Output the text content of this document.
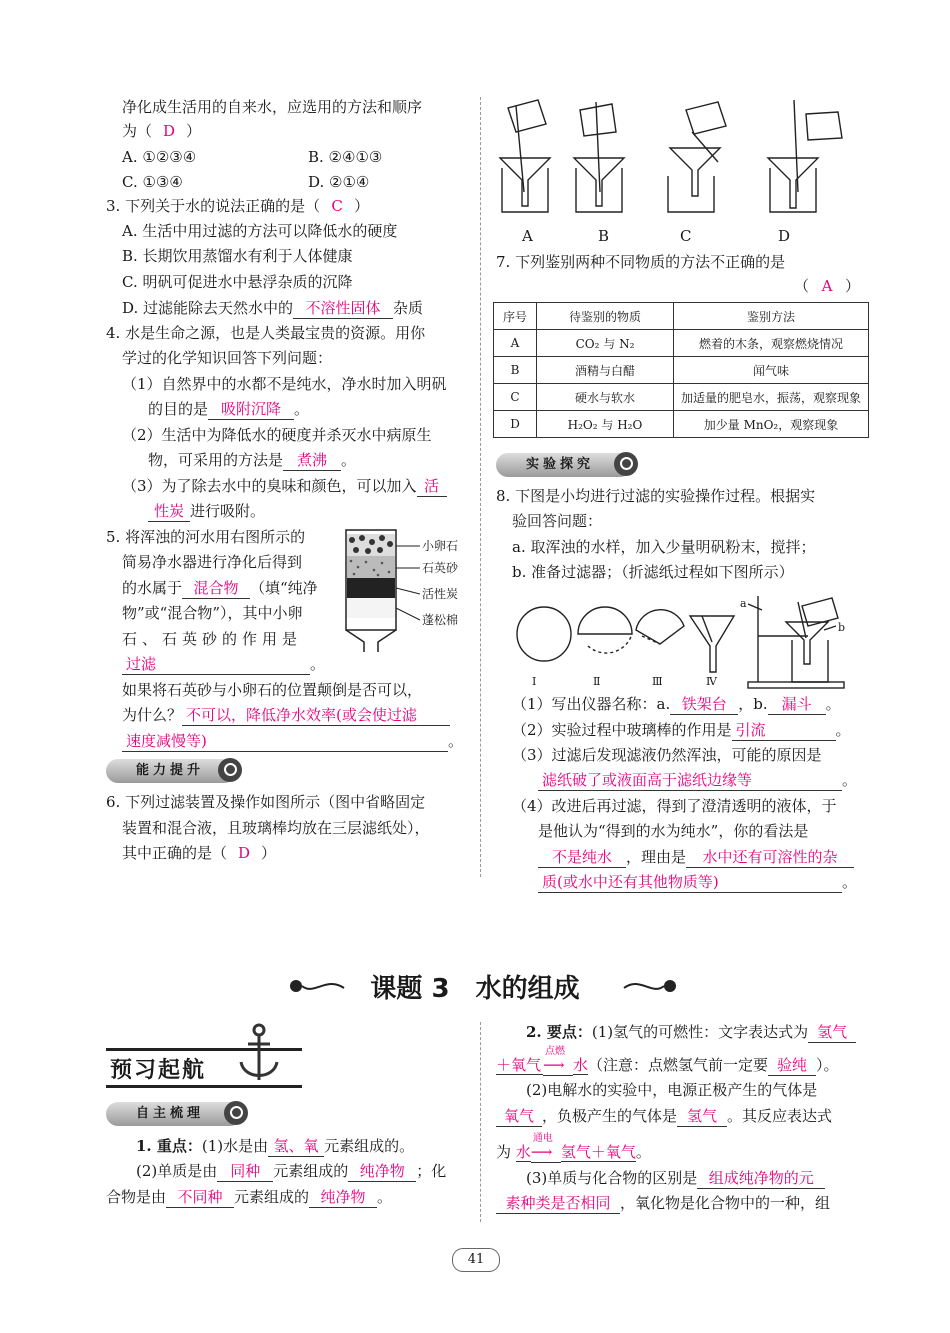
净化成生活用的自来水，应选用的方法和顺序
为（ D ）
A. ①②③④	B. ②④①③
C. ①③④	D. ②①④
3. 下列关于水的说法正确的是（ C ）
A. 生活中用过滤的方法可以降低水的硬度
B. 长期饮用蒸馏水有利于人体健康
C. 明矾可促进水中悬浮杂质的沉降
D. 过滤能除去天然水中的 不溶性固体 杂质
4. 水是生命之源，也是人类最宝贵的资源。用你
学过的化学知识回答下列问题：
（1）自然界中的水都不是纯水，净水时加入明矾
的目的是 吸附沉降 。
（2）生活中为降低水的硬度并杀灭水中病原生
物，可采用的方法是 煮沸 。
（3）为了除去水中的臭味和颜色，可以加入 活
性炭 进行吸附。
5. 将浑浊的河水用右图所示的
简易净水器进行净化后得到
的水属于 混合物 （填“纯净
物”或“混合物”），其中小卵
石、石英砂的作用是
过滤	。
如果将石英砂与小卵石的位置颠倒是否可以，
为什么？ 不可以，降低净水效率(或会使过滤
速度减慢等)	。
小卵石
石英砂
活性炭
蓬松棉
能力提升
6. 下列过滤装置及操作如图所示（图中省略固定
装置和混合液，且玻璃棒均放在三层滤纸处），
其中正确的是（ D ）
A	B	C	D
7. 下列鉴别两种不同物质的方法不正确的是
（ A ）
序号	待鉴别的物质	鉴别方法
A	CO₂ 与 N₂	燃着的木条，观察燃烧情况
B	酒精与白醋	闻气味
C	硬水与软水	加适量的肥皂水，振荡，观察现象
D	H₂O₂ 与 H₂O	加少量 MnO₂，观察现象
实验探究
8. 下图是小均进行过滤的实验操作过程。根据实
验回答问题：
a. 取浑浊的水样，加入少量明矾粉末，搅拌；
b. 准备过滤器；（折滤纸过程如下图所示）
Ⅰ	Ⅱ	Ⅲ	Ⅳ
a
b
（1）写出仪器名称：a. 铁架台 ，b. 漏斗 。
（2）实验过程中玻璃棒的作用是 引流	。
（3）过滤后发现滤液仍然浑浊，可能的原因是
滤纸破了或液面高于滤纸边缘等	。
（4）改进后再过滤，得到了澄清透明的液体，于
是他认为“得到的水为纯水”，你的看法是
不是纯水 ，理由是 水中还有可溶性的杂
质(或水中还有其他物质等)	。
课题 3　水的组成
预习起航
自主梳理
1. 重点：(1)水是由 氢、氧 元素组成的。
(2)单质是由 同种 元素组成的 纯净物 ；化
合物是由 不同种 元素组成的 纯净物 。
2. 要点：(1)氢气的可燃性：文字表达式为 氢气
＋氧气
点燃
⟶ 水（注意：点燃氢气前一定要 验纯 ）。
(2)电解水的实验中，电源正极产生的气体是
氧气 ，负极产生的气体是 氢气 。其反应表达式
为 水
通电
⟶ 氢气＋氧气。
(3)单质与化合物的区别是 组成纯净物的元
素种类是否相同 ，氧化物是化合物中的一种，组
41
